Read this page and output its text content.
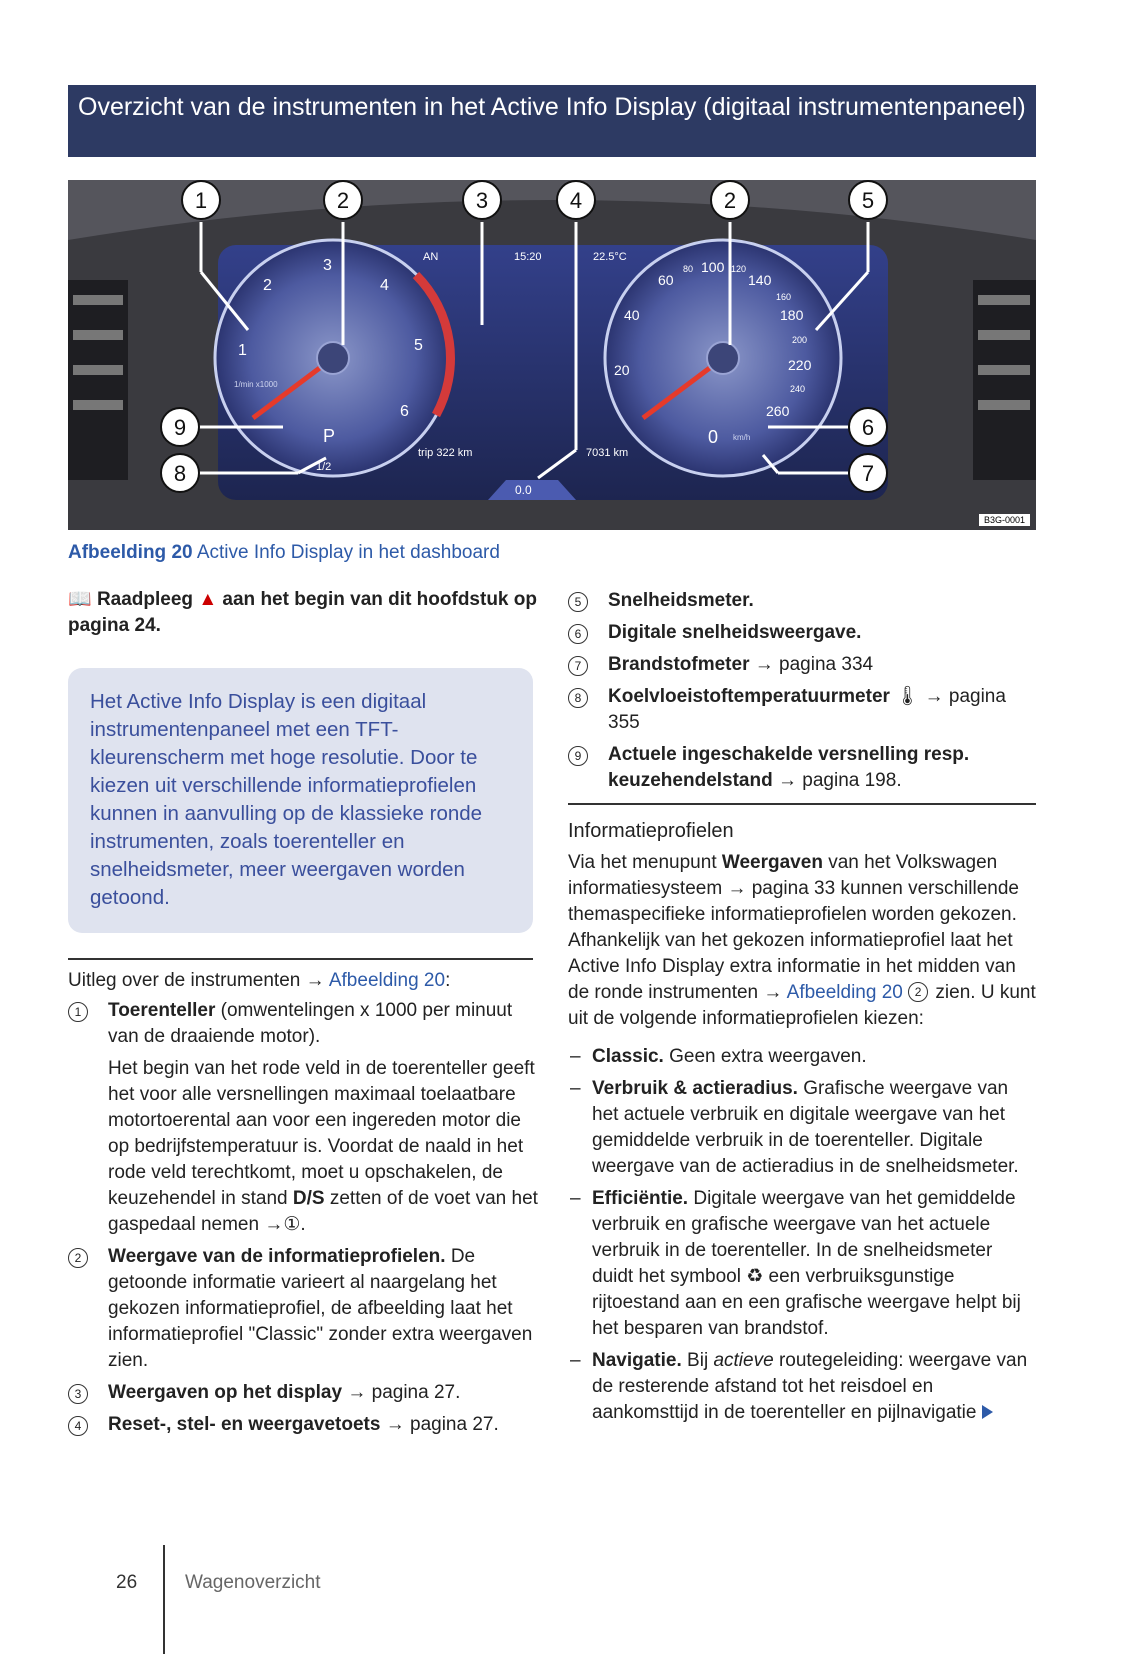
Overzicht van de instrumenten in het Active Info Display (digitaal instrumentenpaneel)
1
2
3
4
5
6
1/min x1000
P
1/2
20
40
60
80 100 120
140
160
180
200
220
240
260
km/h
0
AN	15:20	22.5°C
trip 322 km	7031 km
0.0
1	2	3	4	2	5
9
8
6
7
B3G-0001
Afbeelding 20 Active Info Display in het dashboard
📖 Raadpleeg ▲ aan het begin van dit hoofdstuk op pagina 24.
Het Active Info Display is een digitaal instrumentenpaneel met een TFT-kleurenscherm met hoge resolutie. Door te kiezen uit verschillende informatieprofielen kunnen in aanvulling op de klassieke ronde instrumenten, zoals toerenteller en snelheidsmeter, meer weergaven worden getoond.
Uitleg over de instrumenten → Afbeelding 20:
1	Toerenteller (omwentelingen x 1000 per minuut van de draaiende motor).
Het begin van het rode veld in de toerenteller geeft het voor alle versnellingen maximaal toelaatbare motortoerental aan voor een ingereden motor die op bedrijfstemperatuur is. Voordat de naald in het rode veld terechtkomt, moet u opschakelen, de keuzehendel in stand D/S zetten of de voet van het gaspedaal nemen →①.
2	Weergave van de informatieprofielen. De getoonde informatie varieert al naargelang het gekozen informatieprofiel, de afbeelding laat het informatieprofiel "Classic" zonder extra weergaven zien.
3	Weergaven op het display → pagina 27.
4	Reset-, stel- en weergavetoets → pagina 27.
5	Snelheidsmeter.
6	Digitale snelheidsweergave.
7	Brandstofmeter → pagina 334
8	Koelvloeistoftemperatuurmeter 🌡 → pagina 355
9	Actuele ingeschakelde versnelling resp. keuzehendelstand → pagina 198.
Informatieprofielen
Via het menupunt Weergaven van het Volkswagen informatiesysteem → pagina 33 kunnen verschillende themaspecifieke informatieprofielen worden gekozen. Afhankelijk van het gekozen informatieprofiel laat het Active Info Display extra informatie in het midden van de ronde instrumenten → Afbeelding 20 2 zien. U kunt uit de volgende informatieprofielen kiezen:
– Classic. Geen extra weergaven.
– Verbruik & actieradius. Grafische weergave van het actuele verbruik en digitale weergave van het gemiddelde verbruik in de toerenteller. Digitale weergave van de actieradius in de snelheidsmeter.
– Efficiëntie. Digitale weergave van het gemiddelde verbruik en grafische weergave van het actuele verbruik in de toerenteller. In de snelheidsmeter duidt het symbool ♻ een verbruiksgunstige rijtoestand aan en een grafische weergave helpt bij het besparen van brandstof.
– Navigatie. Bij actieve routegeleiding: weergave van de resterende afstand tot het reisdoel en aankomsttijd in de toerenteller en pijlnavigatie
26	Wagenoverzicht
